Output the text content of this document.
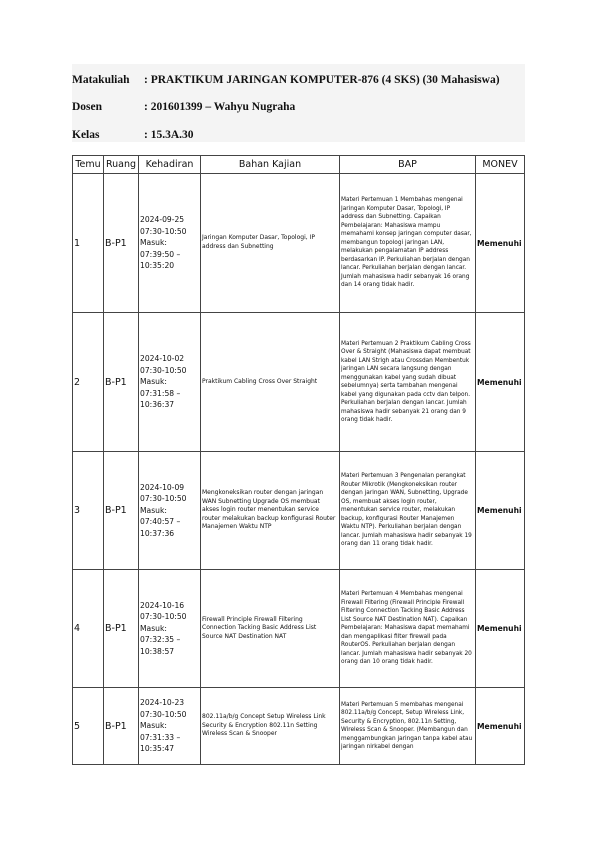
Matakuliah : PRAKTIKUM JARINGAN KOMPUTER-876 (4 SKS) (30 Mahasiswa)
Dosen	: 201601399 – Wahyu Nugraha
Kelas	: 15.3A.30
Temu	Ruang	Kehadiran	Bahan Kajian	BAP	MONEV
1	B-P1	2024-09-25 07:30-10:50 Masuk: 07:39:50 – 10:35:20	Jaringan Komputer Dasar, Topologi, IP address dan Subnetting	Materi Pertemuan 1 Membahas mengenai Jaringan Komputer Dasar, Topologi, IP address dan Subnetting. Capaikan Pembelajaran: Mahasiswa mampu memahami konsep jaringan computer dasar, membangun topologi jaringan LAN, melakukan pengalamatan IP address berdasarkan IP. Perkuliahan berjalan dengan lancar. Perkuliahan berjalan dengan lancar. Jumlah mahasiswa hadir sebanyak 16 orang dan 14 orang tidak hadir.	Memenuhi
2	B-P1	2024-10-02 07:30-10:50 Masuk: 07:31:58 – 10:36:37	Praktikum Cabling Cross Over Straight	Materi Pertemuan 2 Praktikum Cabling Cross Over & Straight (Mahasiswa dapat membuat kabel LAN Strigh atau Crossdan Membentuk jaringan LAN secara langsung dengan menggunakan kabel yang sudah dibuat sebelumnya) serta tambahan mengenai kabel yang digunakan pada cctv dan telpon. Perkuliahan berjalan dengan lancar. Jumlah mahasiswa hadir sebanyak 21 orang dan 9 orang tidak hadir.	Memenuhi
3	B-P1	2024-10-09 07:30-10:50 Masuk: 07:40:57 – 10:37:36	Mengkoneksikan router dengan jaringan WAN Subnetting Upgrade OS membuat akses login router menentukan service router melakukan backup konfigurasi Router Manajemen Waktu NTP	Materi Pertemuan 3 Pengenalan perangkat Router Mikrotik (Mengkoneksikan router dengan jaringan WAN, Subnetting, Upgrade OS, membuat akses login router, menentukan service router, melakukan backup, konfigurasi Router Manajemen Waktu NTP). Perkuliahan berjalan dengan lancar. Jumlah mahasiswa hadir sebanyak 19 orang dan 11 orang tidak hadir.	Memenuhi
4	B-P1	2024-10-16 07:30-10:50 Masuk: 07:32:35 – 10:38:57	Firewall Principle Firewall Filtering Connection Tacking Basic Address List Source NAT Destination NAT	Materi Pertemuan 4 Membahas mengenai Firewall Filtering (Firewall Principle Firewall Filtering Connection Tacking Basic Address List Source NAT Destination NAT). Capaikan Pembelajaran: Mahasiswa dapat memahami dan mengaplikasi filter firewall pada RouterOS. Perkuliahan berjalan dengan lancar. Jumlah mahasiswa hadir sebanyak 20 orang dan 10 orang tidak hadir.	Memenuhi
5	B-P1	2024-10-23 07:30-10:50 Masuk: 07:31:33 – 10:35:47	802.11a/b/g Concept Setup Wireless Link Security & Encryption 802.11n Setting Wireless Scan & Snooper	Materi Pertemuan 5 membahas mengenai 802.11a/b/g Concept, Setup Wireless Link, Security & Encryption, 802.11n Setting, Wireless Scan & Snooper. (Membangun dan menggambungkan jaringan tanpa kabel atau jaringan nirkabel dengan	Memenuhi
